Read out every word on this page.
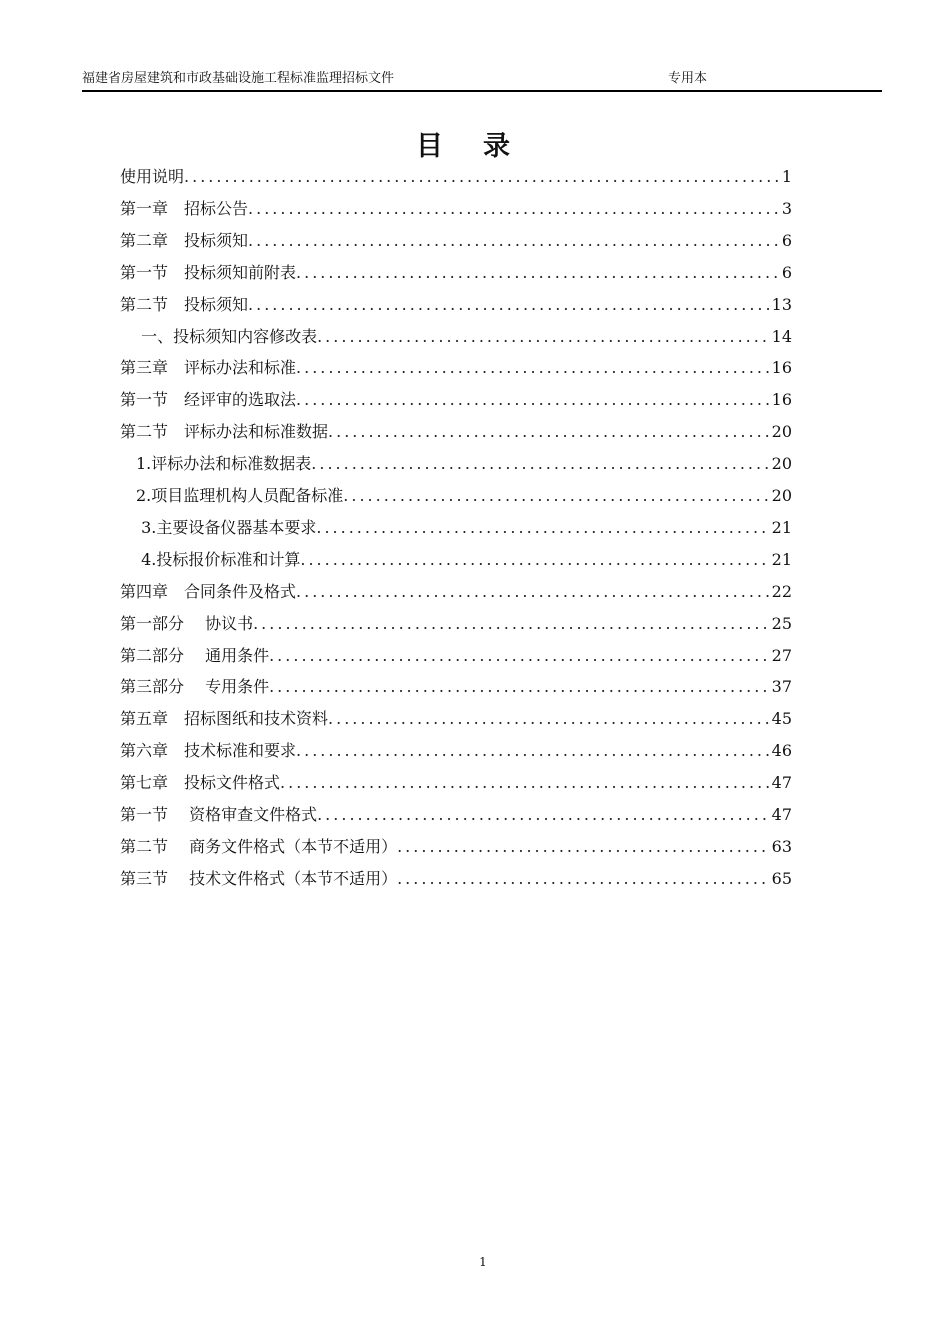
福建省房屋建筑和市政基础设施工程标准监理招标文件	专用本
目录
使用说明 .....	1
第一章　招标公告 .....	3
第二章　投标须知 .....	6
第一节　投标须知前附表 .....	6
第二节　投标须知 .....	13
　 一、投标须知内容修改表 .....	14
第三章　评标办法和标准 .....	16
第一节　经评审的选取法 .....	16
第二节　评标办法和标准数据 .....	20
　1.评标办法和标准数据表 .....	20
　2.项目监理机构人员配备标准 .....	20
　 3.主要设备仪器基本要求 .....	21
　 4.投标报价标准和计算 .....	21
第四章　合同条件及格式 .....	22
第一部分　 协议书 .....	25
第二部分　 通用条件 .....	27
第三部分　 专用条件 .....	37
第五章　招标图纸和技术资料 .....	45
第六章　技术标准和要求 .....	46
第七章　投标文件格式 .....	47
第一节　 资格审查文件格式 .....	47
第二节　 商务文件格式（本节不适用） .....	63
第三节　 技术文件格式（本节不适用） .....	65
1
